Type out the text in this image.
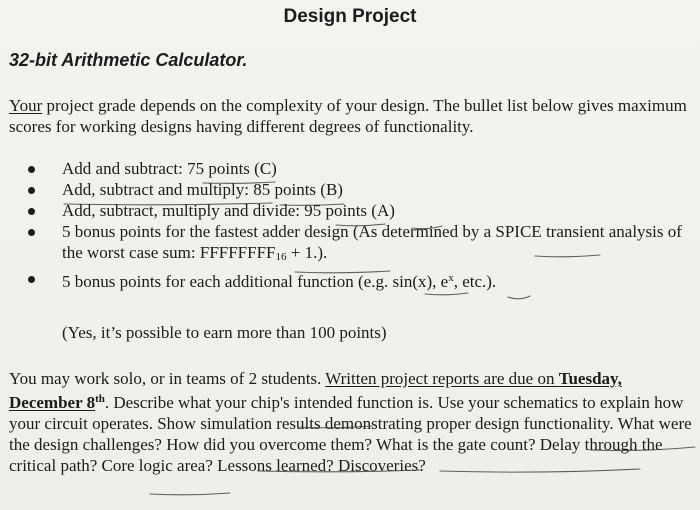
Design Project
32-bit Arithmetic Calculator.
Your project grade depends on the complexity of your design. The bullet list below gives maximum scores for working designs having different degrees of functionality.
Add and subtract: 75 points (C)
Add, subtract and multiply: 85 points (B)
Add, subtract, multiply and divide: 95 points (A)
5 bonus points for the fastest adder design (As determined by a SPICE transient analysis of the worst case sum: $FFFFFFFF_{16} + 1$.).
5 bonus points for each additional function (e.g. sin(x), $e^x$, etc.).
(Yes, it’s possible to earn more than 100 points)
You may work solo, or in teams of 2 students. Written project reports are due on Tuesday, December 8th. Describe what your chip's intended function is. Use your schematics to explain how your circuit operates. Show simulation results demonstrating proper design functionality. What were the design challenges? How did you overcome them? What is the gate count? Delay through the critical path? Core logic area? Lessons learned? Discoveries?
